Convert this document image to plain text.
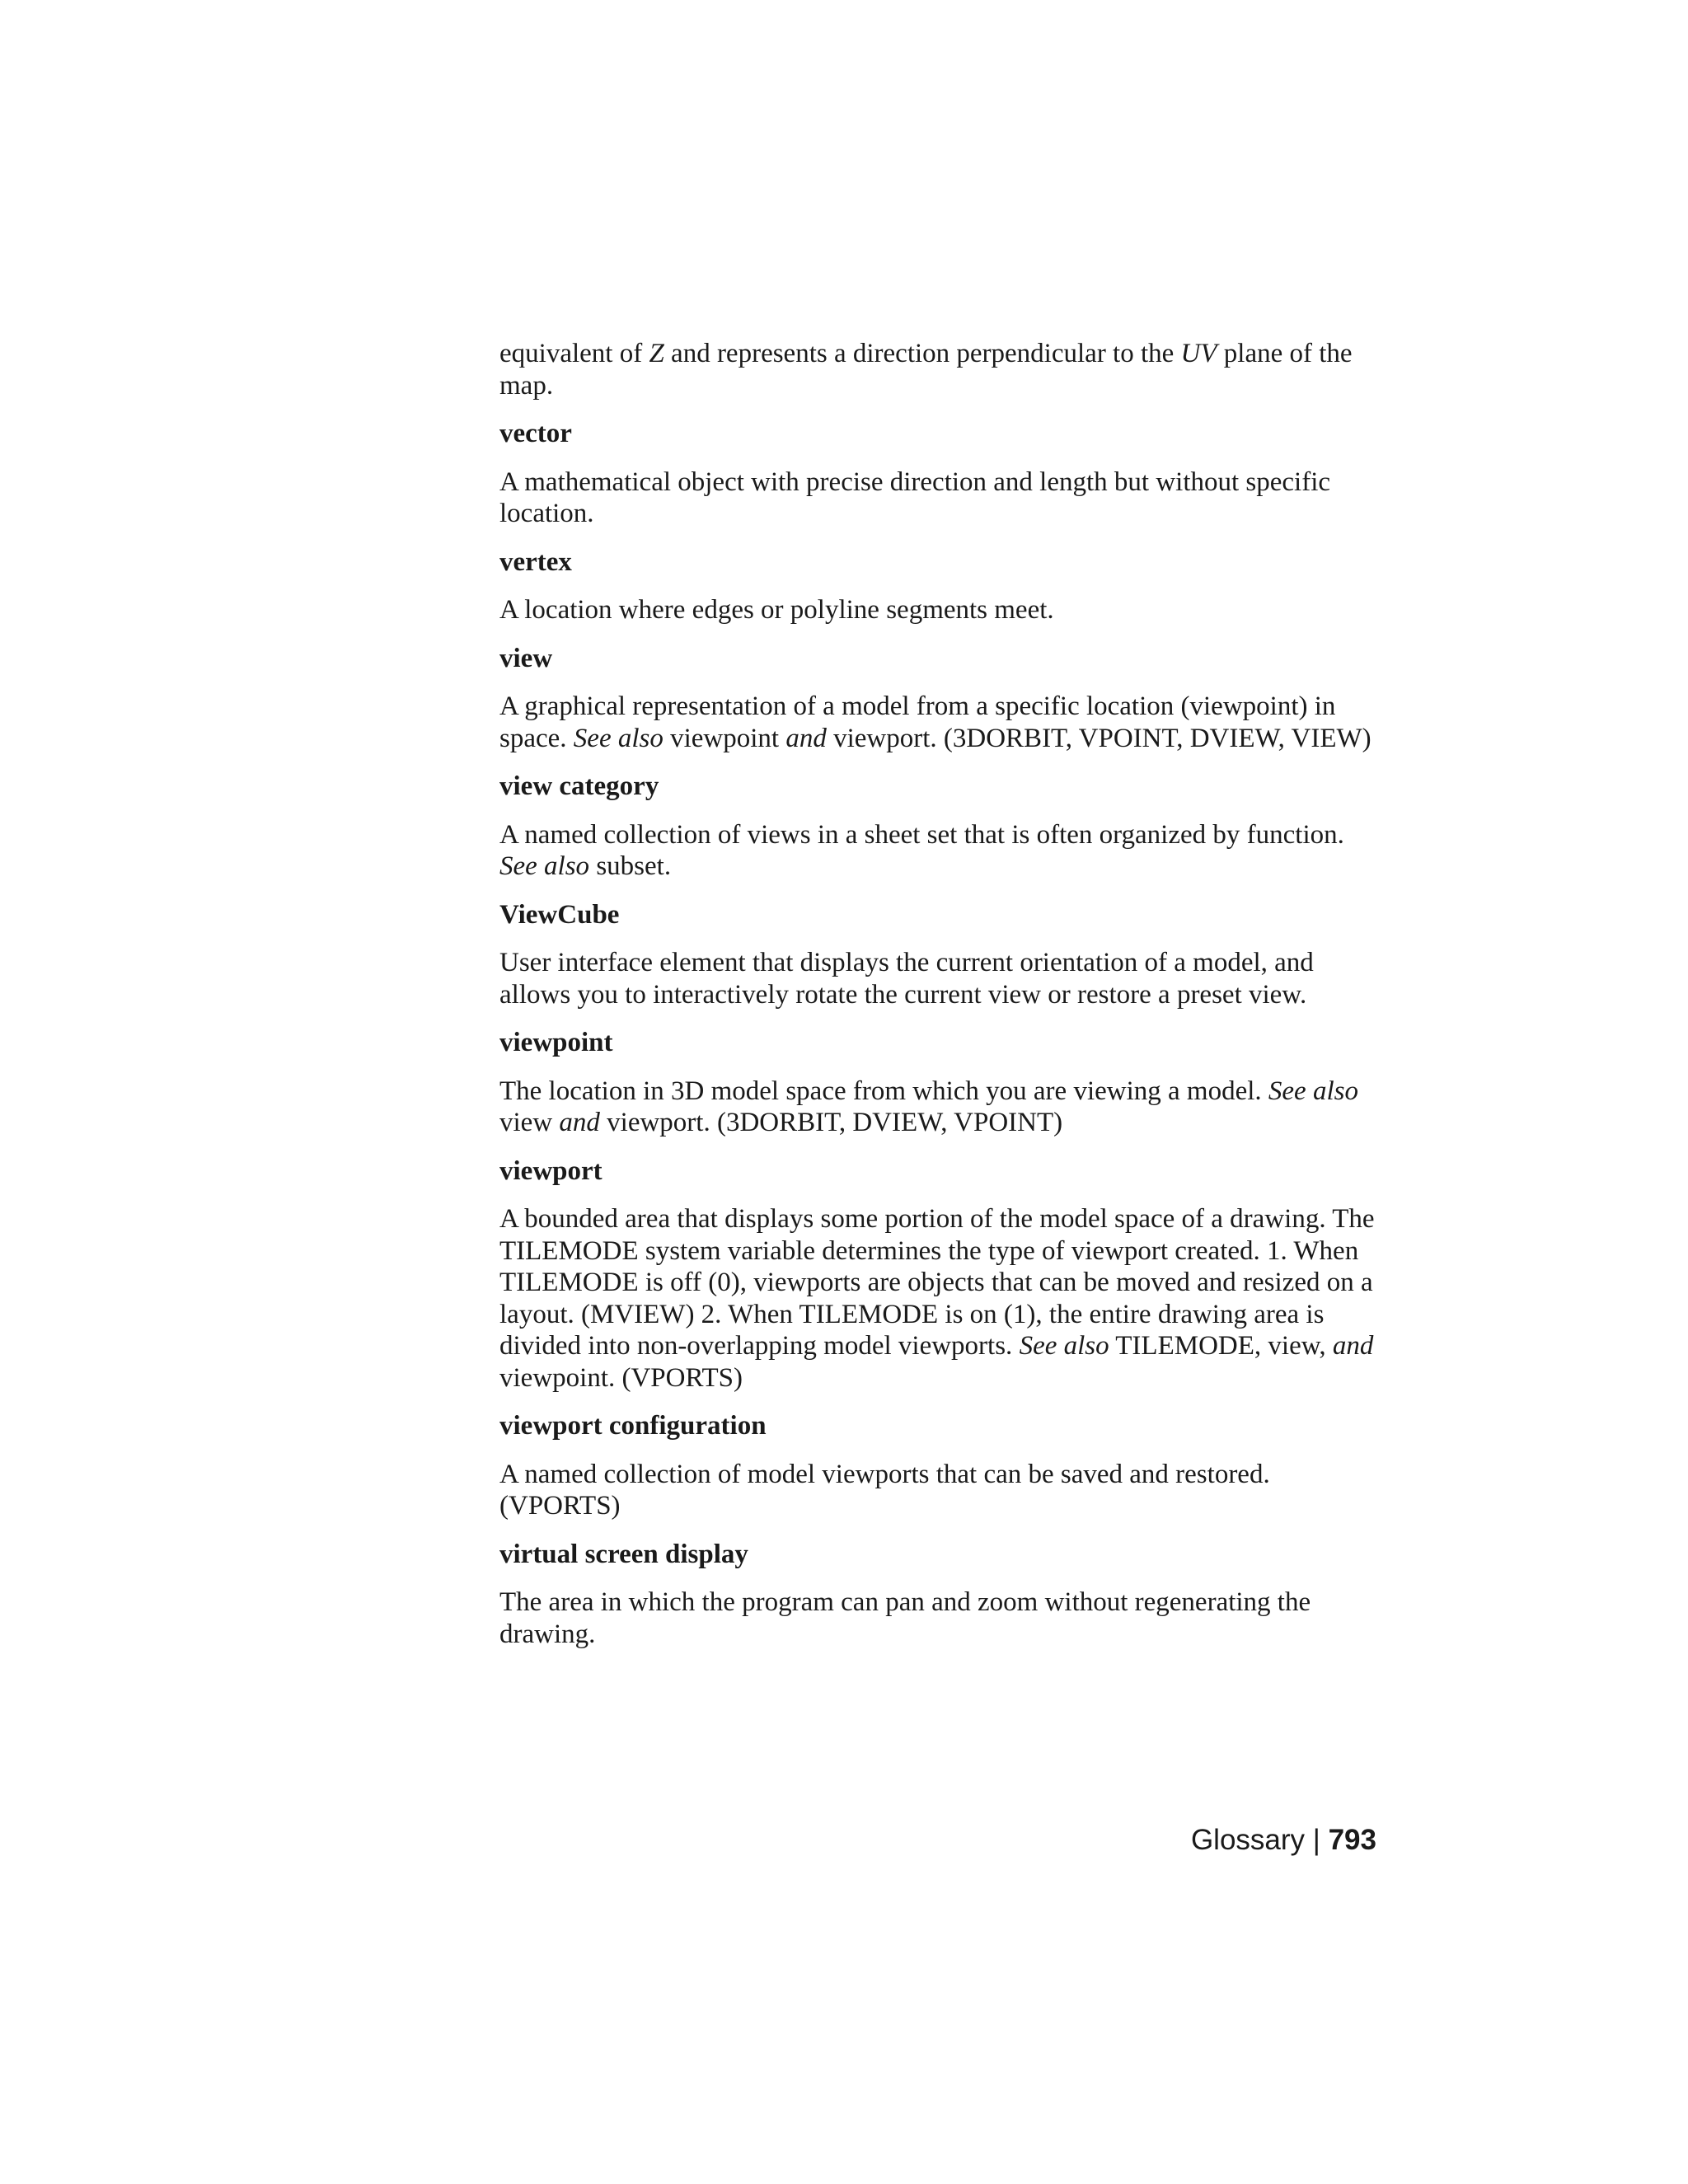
equivalent of Z and represents a direction perpendicular to the UV plane of the map.

vector

A mathematical object with precise direction and length but without specific location.

vertex

A location where edges or polyline segments meet.

view

A graphical representation of a model from a specific location (viewpoint) in space. See also viewpoint and viewport. (3DORBIT, VPOINT, DVIEW, VIEW)

view category

A named collection of views in a sheet set that is often organized by function. See also subset.

ViewCube

User interface element that displays the current orientation of a model, and allows you to interactively rotate the current view or restore a preset view.

viewpoint

The location in 3D model space from which you are viewing a model. See also view and viewport. (3DORBIT, DVIEW, VPOINT)

viewport

A bounded area that displays some portion of the model space of a drawing. The TILEMODE system variable determines the type of viewport created. 1. When TILEMODE is off (0), viewports are objects that can be moved and resized on a layout. (MVIEW) 2. When TILEMODE is on (1), the entire drawing area is divided into non-overlapping model viewports. See also TILEMODE, view, and viewpoint. (VPORTS)

viewport configuration

A named collection of model viewports that can be saved and restored. (VPORTS)

virtual screen display

The area in which the program can pan and zoom without regenerating the drawing.

Glossary | 793
